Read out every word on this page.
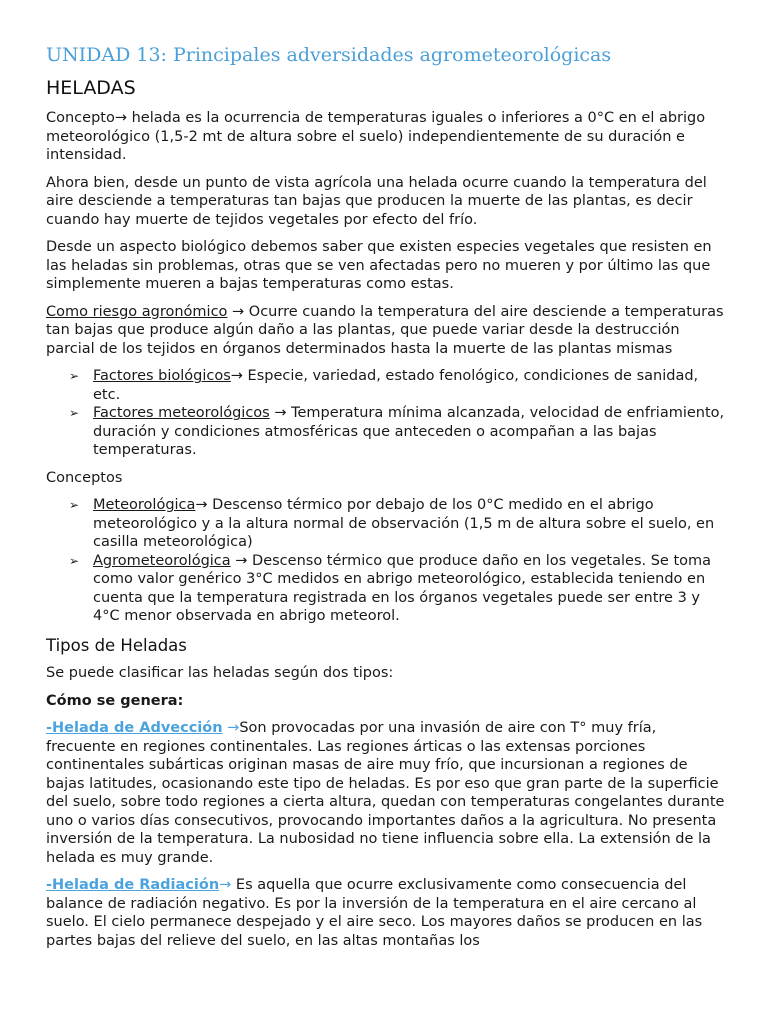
UNIDAD 13: Principales adversidades agrometeorológicas
HELADAS

Concepto→ helada es la ocurrencia de temperaturas iguales o inferiores a 0°C en el abrigo meteorológico (1,5-2 mt de altura sobre el suelo) independientemente de su duración e intensidad.

Ahora bien, desde un punto de vista agrícola una helada ocurre cuando la temperatura del aire desciende a temperaturas tan bajas que producen la muerte de las plantas, es decir cuando hay muerte de tejidos vegetales por efecto del frío.

Desde un aspecto biológico debemos saber que existen especies vegetales que resisten en las heladas sin problemas, otras que se ven afectadas pero no mueren y por último las que simplemente mueren a bajas temperaturas como estas.

Como riesgo agronómico → Ocurre cuando la temperatura del aire desciende a temperaturas tan bajas que produce algún daño a las plantas, que puede variar desde la destrucción parcial de los tejidos en órganos determinados hasta la muerte de las plantas mismas

➢ Factores biológicos→ Especie, variedad, estado fenológico, condiciones de sanidad, etc.
➢ Factores meteorológicos → Temperatura mínima alcanzada, velocidad de enfriamiento, duración y condiciones atmosféricas que anteceden o acompañan a las bajas temperaturas.

Conceptos

➢ Meteorológica→ Descenso térmico por debajo de los 0°C medido en el abrigo meteorológico y a la altura normal de observación (1,5 m de altura sobre el suelo, en casilla meteorológica)
➢ Agrometeorológica → Descenso térmico que produce daño en los vegetales. Se toma como valor genérico 3°C medidos en abrigo meteorológico, establecida teniendo en cuenta que la temperatura registrada en los órganos vegetales puede ser entre 3 y 4°C menor observada en abrigo meteorol.
Tipos de Heladas

Se puede clasificar las heladas según dos tipos:

Cómo se genera:

-Helada de Advección →Son provocadas por una invasión de aire con T° muy fría, frecuente en regiones continentales. Las regiones árticas o las extensas porciones continentales subárticas originan masas de aire muy frío, que incursionan a regiones de bajas latitudes, ocasionando este tipo de heladas. Es por eso que gran parte de la superficie del suelo, sobre todo regiones a cierta altura, quedan con temperaturas congelantes durante uno o varios días consecutivos, provocando importantes daños a la agricultura. No presenta inversión de la temperatura. La nubosidad no tiene influencia sobre ella. La extensión de la helada es muy grande.

-Helada de Radiación→ Es aquella que ocurre exclusivamente como consecuencia del balance de radiación negativo. Es por la inversión de la temperatura en el aire cercano al suelo. El cielo permanece despejado y el aire seco. Los mayores daños se producen en las partes bajas del relieve del suelo, en las altas montañas los
